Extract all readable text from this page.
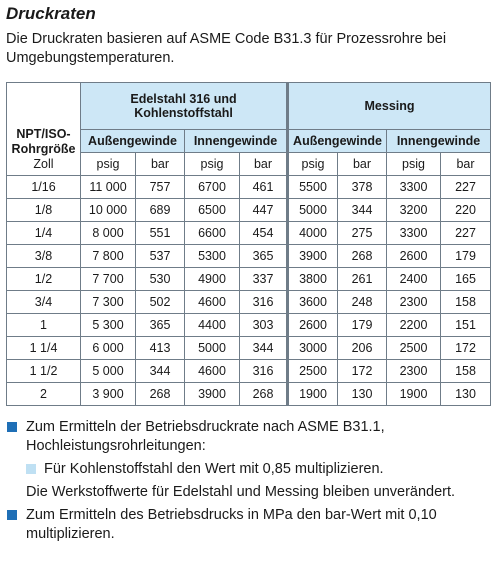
Druckraten
Die Druckraten basieren auf ASME Code B31.3 für Prozessrohre bei Umgebungstemperaturen.
NPT/ISO-
Rohrgröße
Zoll	Edelstahl 316 und Kohlenstoffstahl				Messing			
	Außengewinde		Innengewinde		Außengewinde		Innengewinde	
	psig	bar	psig	bar	psig	bar	psig	bar
1/16	11 000	757	6700	461	5500	378	3300	227
1/8	10 000	689	6500	447	5000	344	3200	220
1/4	8 000	551	6600	454	4000	275	3300	227
3/8	7 800	537	5300	365	3900	268	2600	179
1/2	7 700	530	4900	337	3800	261	2400	165
3/4	7 300	502	4600	316	3600	248	2300	158
1	5 300	365	4400	303	2600	179	2200	151
1 1/4	6 000	413	5000	344	3000	206	2500	172
1 1/2	5 000	344	4600	316	2500	172	2300	158
2	3 900	268	3900	268	1900	130	1900	130
Zum Ermitteln der Betriebsdruckrate nach ASME B31.1, Hochleistungsrohrleitungen:
Für Kohlenstoffstahl den Wert mit 0,85 multiplizieren.
Die Werkstoffwerte für Edelstahl und Messing bleiben unverändert.
Zum Ermitteln des Betriebsdrucks in MPa den bar-Wert mit 0,10 multiplizieren.
